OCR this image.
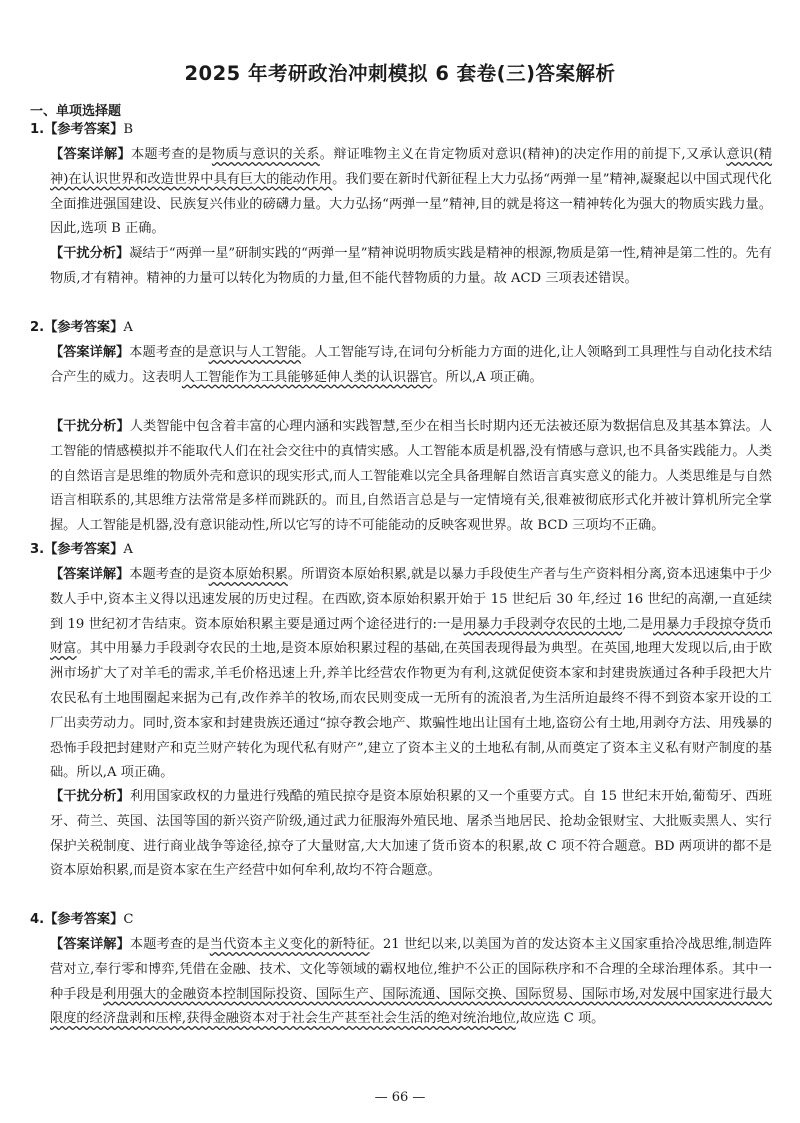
2025 年考研政治冲刺模拟 6 套卷(三)答案解析
一、单项选择题
1.【参考答案】B
【答案详解】本题考查的是物质与意识的关系。辩证唯物主义在肯定物质对意识(精神)的决定作用的前提下,又承认意识(精神)在认识世界和改造世界中具有巨大的能动作用。我们要在新时代新征程上大力弘扬“两弹一星”精神,凝聚起以中国式现代化全面推进强国建设、民族复兴伟业的磅礴力量。大力弘扬“两弹一星”精神,目的就是将这一精神转化为强大的物质实践力量。因此,选项 B 正确。
【干扰分析】凝结于“两弹一星”研制实践的“两弹一星”精神说明物质实践是精神的根源,物质是第一性,精神是第二性的。先有物质,才有精神。精神的力量可以转化为物质的力量,但不能代替物质的力量。故 ACD 三项表述错误。
2.【参考答案】A
【答案详解】本题考查的是意识与人工智能。人工智能写诗,在词句分析能力方面的进化,让人领略到工具理性与自动化技术结合产生的威力。这表明人工智能作为工具能够延伸人类的认识器官。所以,A 项正确。
【干扰分析】人类智能中包含着丰富的心理内涵和实践智慧,至少在相当长时期内还无法被还原为数据信息及其基本算法。人工智能的情感模拟并不能取代人们在社会交往中的真情实感。人工智能本质是机器,没有情感与意识,也不具备实践能力。人类的自然语言是思维的物质外壳和意识的现实形式,而人工智能难以完全具备理解自然语言真实意义的能力。人类思维是与自然语言相联系的,其思维方法常常是多样而跳跃的。而且,自然语言总是与一定情境有关,很难被彻底形式化并被计算机所完全掌握。人工智能是机器,没有意识能动性,所以它写的诗不可能能动的反映客观世界。故 BCD 三项均不正确。
3.【参考答案】A
【答案详解】本题考查的是资本原始积累。所谓资本原始积累,就是以暴力手段使生产者与生产资料相分离,资本迅速集中于少数人手中,资本主义得以迅速发展的历史过程。在西欧,资本原始积累开始于 15 世纪后 30 年,经过 16 世纪的高潮,一直延续到 19 世纪初才告结束。资本原始积累主要是通过两个途径进行的:一是用暴力手段剥夺农民的土地,二是用暴力手段掠夺货币财富。其中用暴力手段剥夺农民的土地,是资本原始积累过程的基础,在英国表现得最为典型。在英国,地理大发现以后,由于欧洲市场扩大了对羊毛的需求,羊毛价格迅速上升,养羊比经营农作物更为有利,这就促使资本家和封建贵族通过各种手段把大片农民私有土地围圈起来据为己有,改作养羊的牧场,而农民则变成一无所有的流浪者,为生活所迫最终不得不到资本家开设的工厂出卖劳动力。同时,资本家和封建贵族还通过“掠夺教会地产、欺骗性地出让国有土地,盗窃公有土地,用剥夺方法、用残暴的恐怖手段把封建财产和克兰财产转化为现代私有财产”,建立了资本主义的土地私有制,从而奠定了资本主义私有财产制度的基础。所以,A 项正确。
【干扰分析】利用国家政权的力量进行残酷的殖民掠夺是资本原始积累的又一个重要方式。自 15 世纪末开始,葡萄牙、西班牙、荷兰、英国、法国等国的新兴资产阶级,通过武力征服海外殖民地、屠杀当地居民、抢劫金银财宝、大批贩卖黑人、实行保护关税制度、进行商业战争等途径,掠夺了大量财富,大大加速了货币资本的积累,故 C 项不符合题意。BD 两项讲的都不是资本原始积累,而是资本家在生产经营中如何牟利,故均不符合题意。
4.【参考答案】C
【答案详解】本题考查的是当代资本主义变化的新特征。21 世纪以来,以美国为首的发达资本主义国家重拾冷战思维,制造阵营对立,奉行零和博弈,凭借在金融、技术、文化等领域的霸权地位,维护不公正的国际秩序和不合理的全球治理体系。其中一种手段是利用强大的金融资本控制国际投资、国际生产、国际流通、国际交换、国际贸易、国际市场,对发展中国家进行最大限度的经济盘剥和压榨,获得金融资本对于社会生产甚至社会生活的绝对统治地位,故应选 C 项。
— 66 —
